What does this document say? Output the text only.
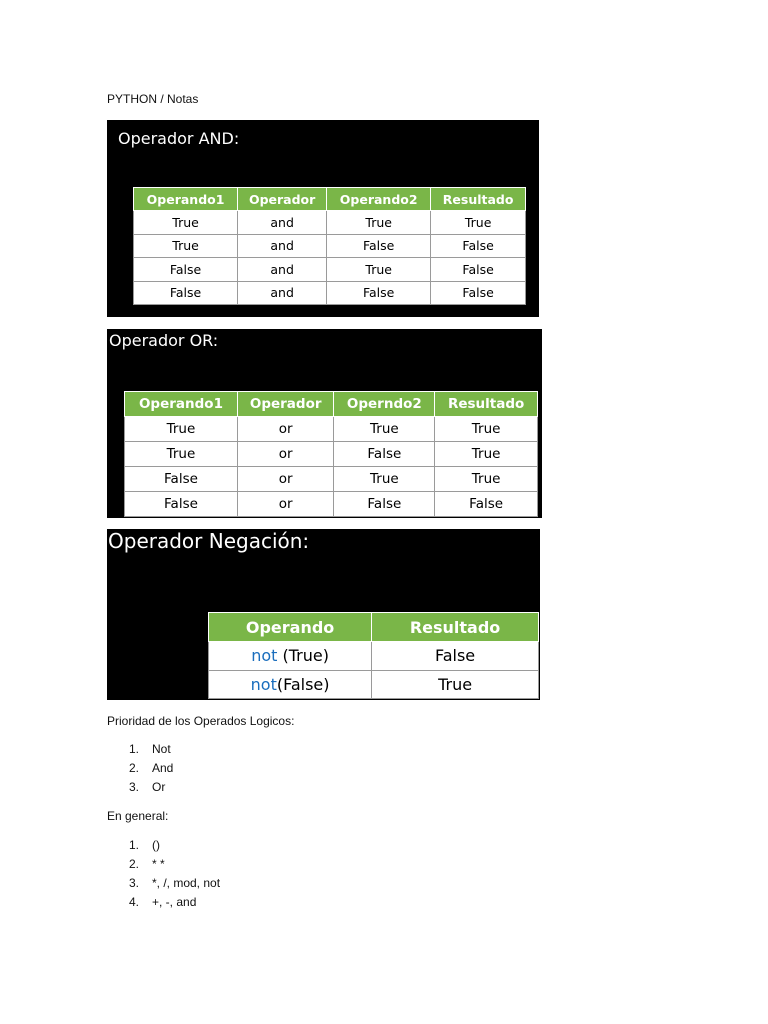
PYTHON / Notas
Operador AND:
Operando1	Operador	Operando2	Resultado
True	and	True	True
True	and	False	False
False	and	True	False
False	and	False	False
Operador OR:
Operando1	Operador	Operndo2	Resultado
True	or	True	True
True	or	False	True
False	or	True	True
False	or	False	False
Operador Negación:
Operando	Resultado
not (True)	False
not(False)	True
Prioridad de los Operados Logicos:
1. Not
2. And
3. Or
En general:
1. ()
2. * *
3. *, /, mod, not
4. +, -, and
